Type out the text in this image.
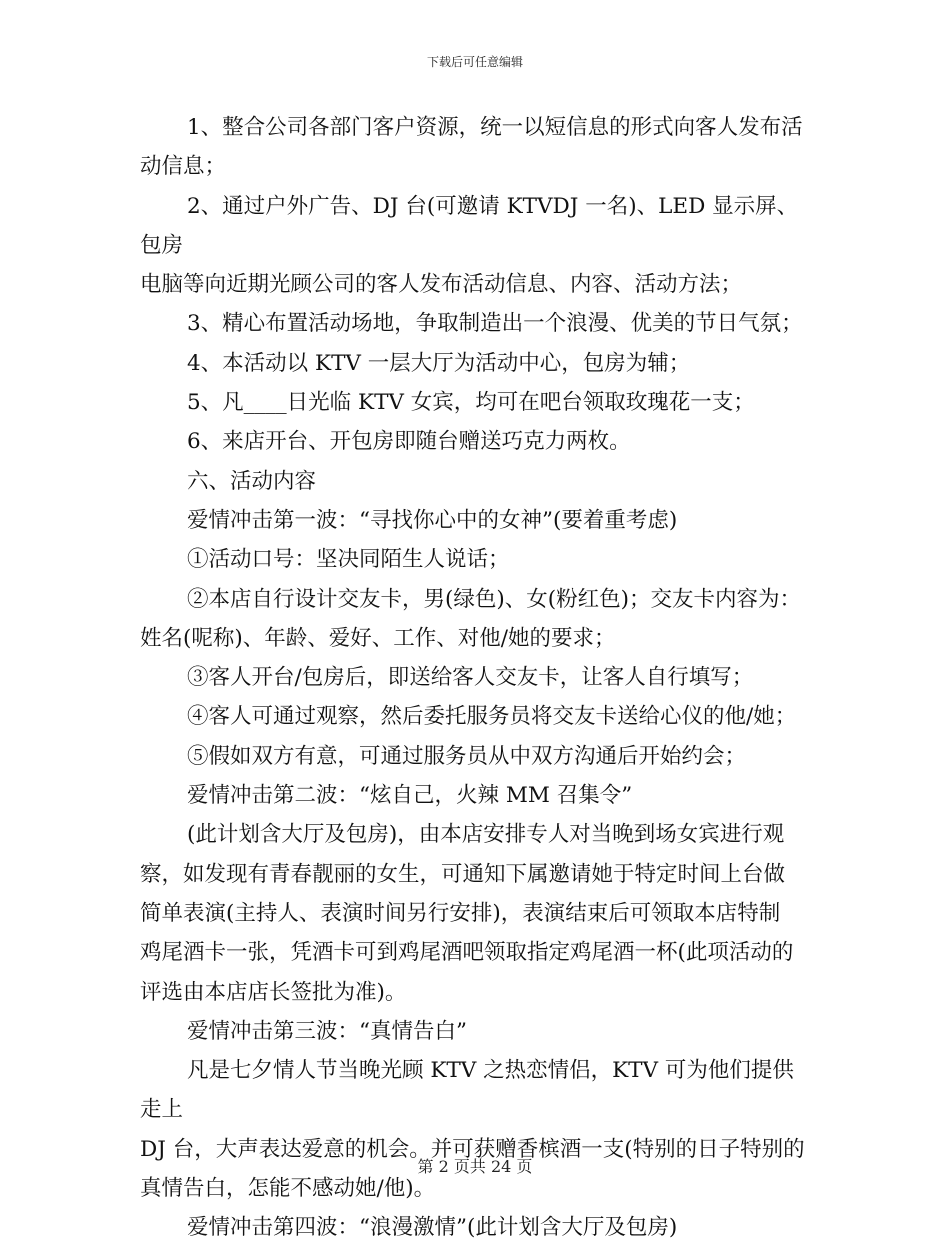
下载后可任意编辑

1、整合公司各部门客户资源，统一以短信息的形式向客人发布活

动信息；

2、通过户外广告、DJ 台(可邀请 KTVDJ 一名)、LED 显示屏、包房

电脑等向近期光顾公司的客人发布活动信息、内容、活动方法；

3、精心布置活动场地，争取制造出一个浪漫、优美的节日气氛；

4、本活动以 KTV 一层大厅为活动中心，包房为辅；

5、凡____日光临 KTV 女宾，均可在吧台领取玫瑰花一支；

6、来店开台、开包房即随台赠送巧克力两枚。

六、活动内容

爱情冲击第一波：“寻找你心中的女神”(要着重考虑)

①活动口号：坚决同陌生人说话；

②本店自行设计交友卡，男(绿色)、女(粉红色)；交友卡内容为：

姓名(呢称)、年龄、爱好、工作、对他/她的要求；

③客人开台/包房后，即送给客人交友卡，让客人自行填写；

④客人可通过观察，然后委托服务员将交友卡送给心仪的他/她；

⑤假如双方有意，可通过服务员从中双方沟通后开始约会；

爱情冲击第二波：“炫自己，火辣 MM 召集令”

(此计划含大厅及包房)，由本店安排专人对当晚到场女宾进行观

察，如发现有青春靓丽的女生，可通知下属邀请她于特定时间上台做

简单表演(主持人、表演时间另行安排)，表演结束后可领取本店特制

鸡尾酒卡一张，凭酒卡可到鸡尾酒吧领取指定鸡尾酒一杯(此项活动的

评选由本店店长签批为准)。

爱情冲击第三波：“真情告白”

凡是七夕情人节当晚光顾 KTV 之热恋情侣，KTV 可为他们提供走上

DJ 台，大声表达爱意的机会。并可获赠香槟酒一支(特别的日子特别的

真情告白，怎能不感动她/他)。

爱情冲击第四波：“浪漫激情”(此计划含大厅及包房)

第 2 页共 24 页
